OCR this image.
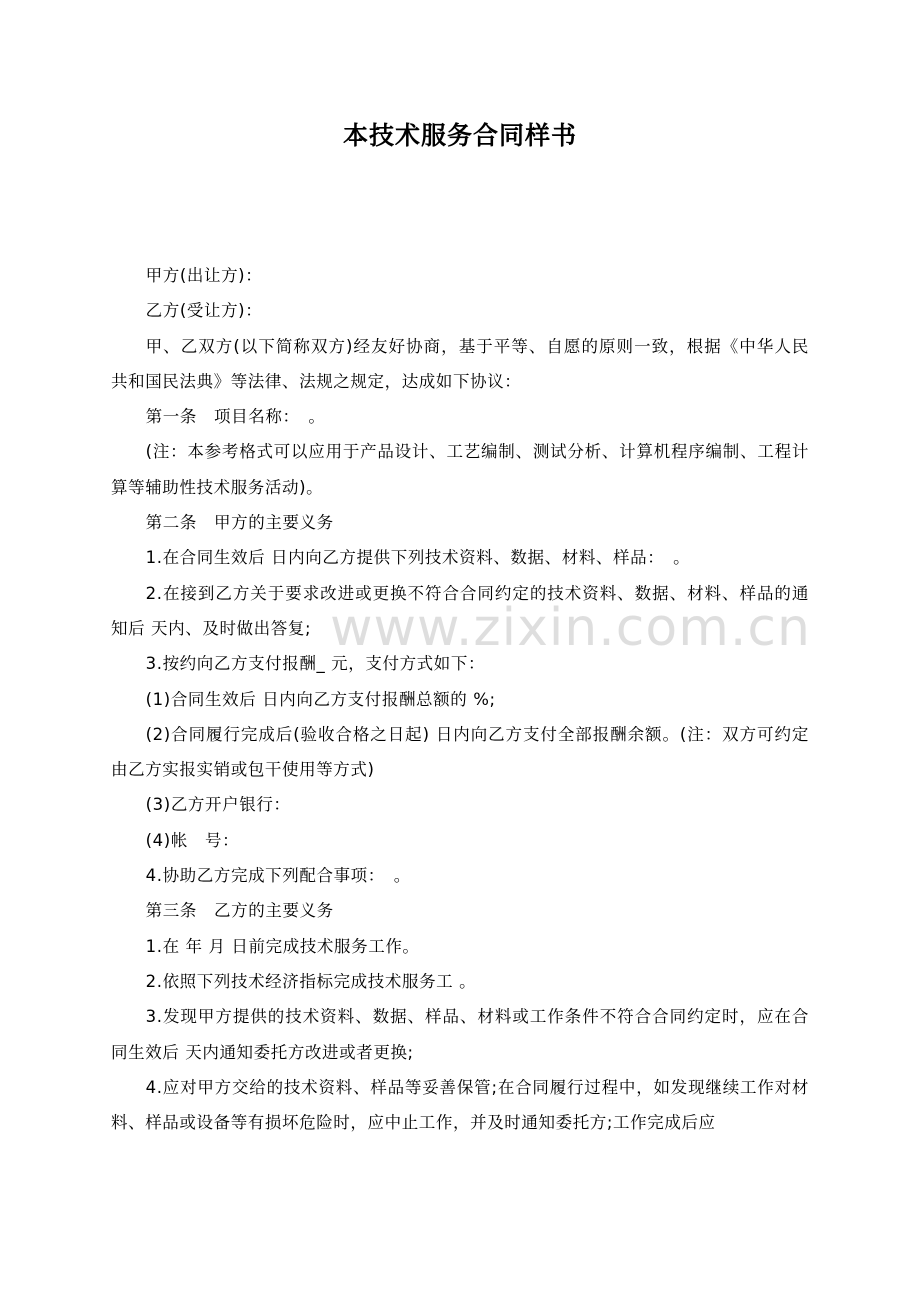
本技术服务合同样书

甲方(出让方)：

乙方(受让方)：

甲、乙双方(以下简称双方)经友好协商，基于平等、自愿的原则一致，根据《中华人民共和国民法典》等法律、法规之规定，达成如下协议：

第一条　项目名称：　。

(注：本参考格式可以应用于产品设计、工艺编制、测试分析、计算机程序编制、工程计算等辅助性技术服务活动)。

第二条　甲方的主要义务

1.在合同生效后 日内向乙方提供下列技术资料、数据、材料、样品：　。

2.在接到乙方关于要求改进或更换不符合合同约定的技术资料、数据、材料、样品的通知后 天内、及时做出答复;

3.按约向乙方支付报酬_ 元，支付方式如下：

(1)合同生效后 日内向乙方支付报酬总额的 %;

(2)合同履行完成后(验收合格之日起) 日内向乙方支付全部报酬余额。(注：双方可约定由乙方实报实销或包干使用等方式)

(3)乙方开户银行：

(4)帐　号：

4.协助乙方完成下列配合事项：　。

第三条　乙方的主要义务

1.在 年 月 日前完成技术服务工作。

2.依照下列技术经济指标完成技术服务工 。

3.发现甲方提供的技术资料、数据、样品、材料或工作条件不符合合同约定时，应在合同生效后 天内通知委托方改进或者更换;

4.应对甲方交给的技术资料、样品等妥善保管;在合同履行过程中，如发现继续工作对材料、样品或设备等有损坏危险时，应中止工作，并及时通知委托方;工作完成后应

www.zixin.com.cn
